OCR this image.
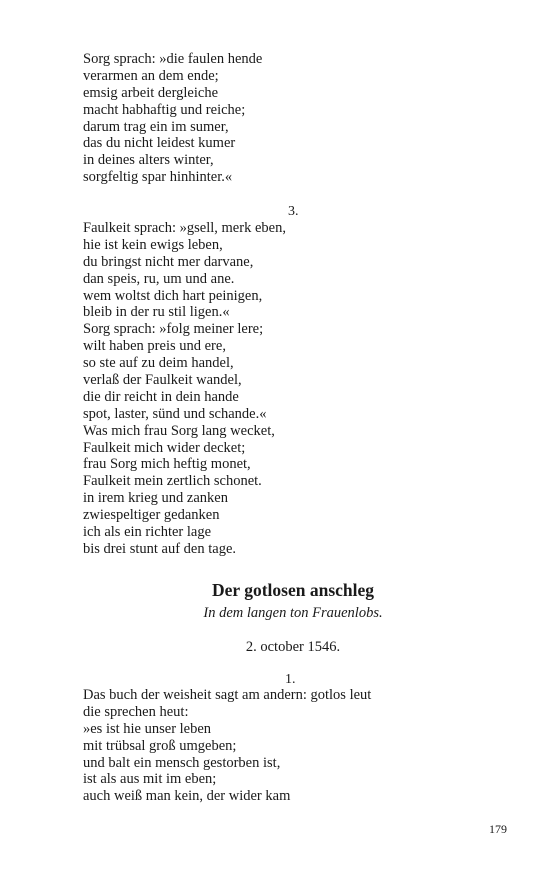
Sorg sprach: »die faulen hende
verarmen an dem ende;
emsig arbeit dergleiche
macht habhaftig und reiche;
darum trag ein im sumer,
das du nicht leidest kumer
in deines alters winter,
sorgfeltig spar hinhinter.«
3.
Faulkeit sprach: »gsell, merk eben,
hie ist kein ewigs leben,
du bringst nicht mer darvane,
dan speis, ru, um und ane.
wem woltst dich hart peinigen,
bleib in der ru stil ligen.«
Sorg sprach: »folg meiner lere;
wilt haben preis und ere,
so ste auf zu deim handel,
verlaß der Faulkeit wandel,
die dir reicht in dein hande
spot, laster, sünd und schande.«
Was mich frau Sorg lang wecket,
Faulkeit mich wider decket;
frau Sorg mich heftig monet,
Faulkeit mein zertlich schonet.
in irem krieg und zanken
zwiespeltiger gedanken
ich als ein richter lage
bis drei stunt auf den tage.
Der gotlosen anschleg
In dem langen ton Frauenlobs.
2. october 1546.
1.
Das buch der weisheit sagt am andern: gotlos leut
die sprechen heut:
»es ist hie unser leben
mit trübsal groß umgeben;
und balt ein mensch gestorben ist,
ist als aus mit im eben;
auch weiß man kein, der wider kam
179
